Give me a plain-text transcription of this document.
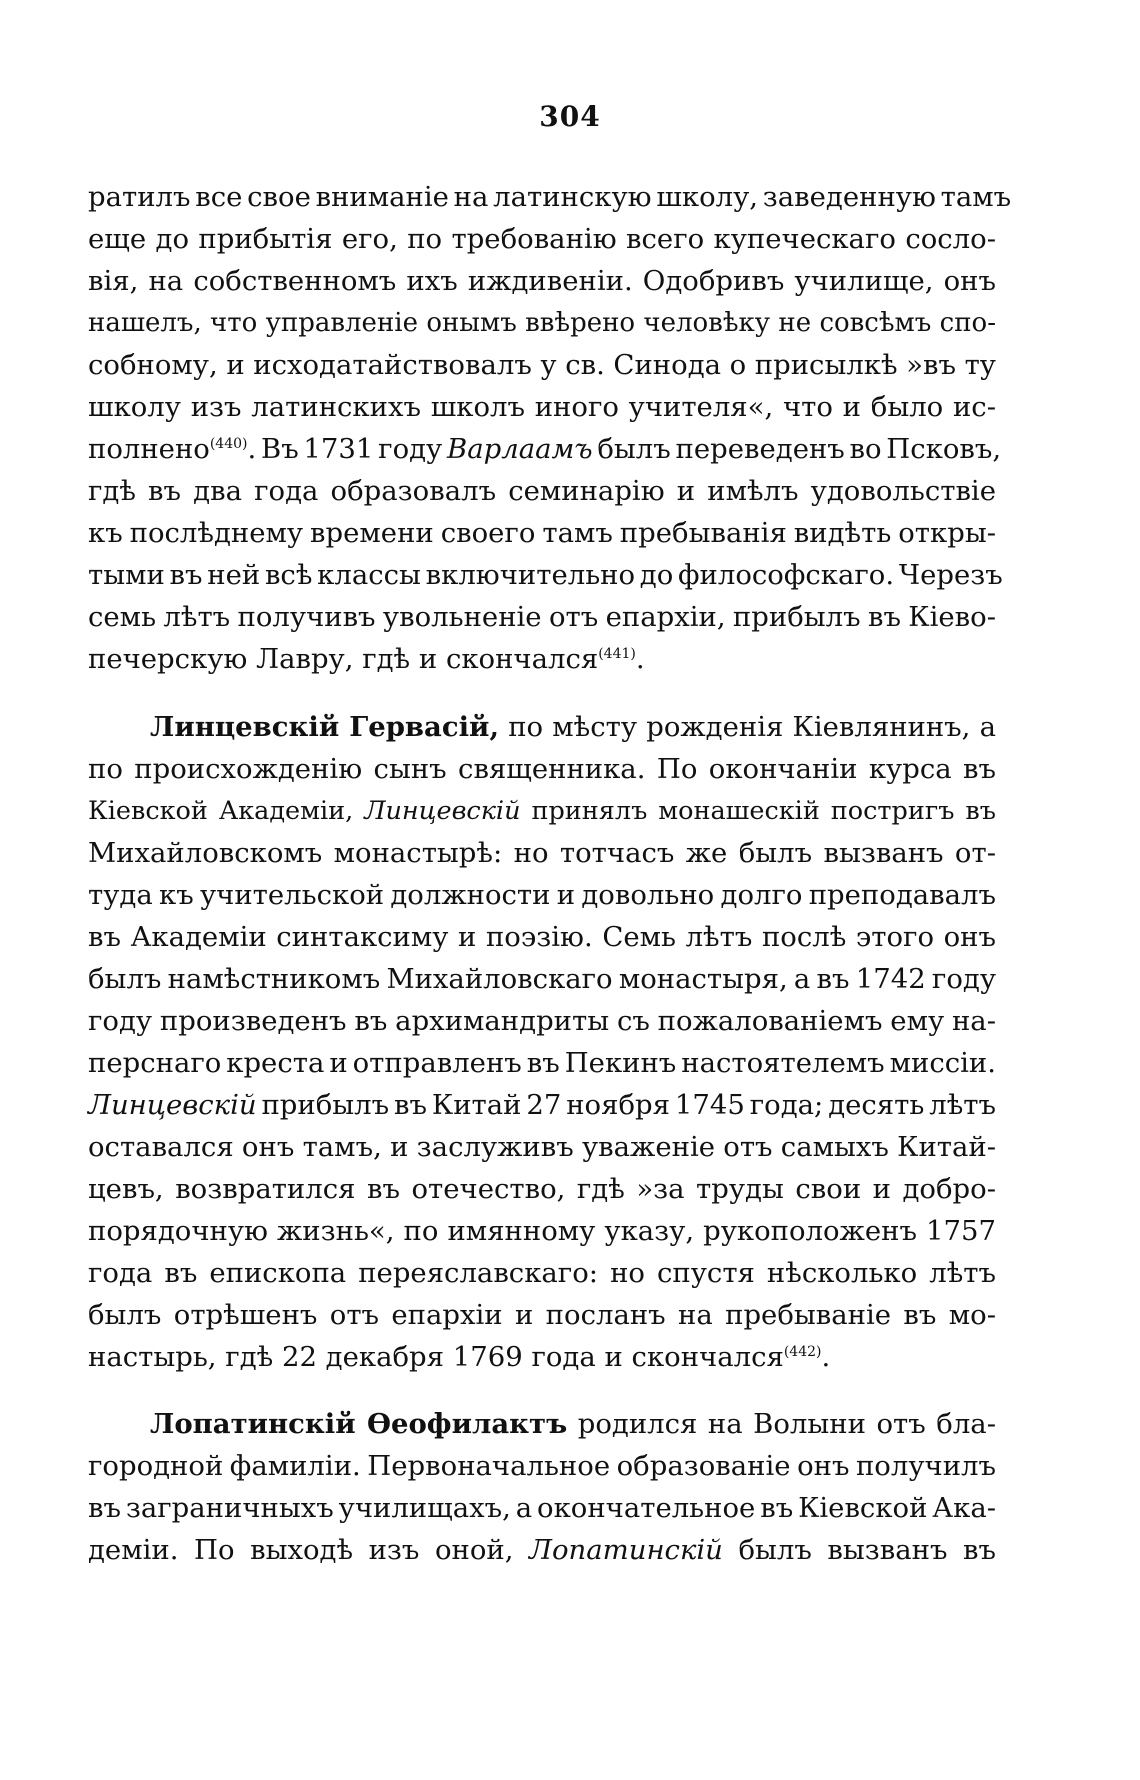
304
ратилъ все свое вниманіе на латинскую школу, заведенную тамъ
еще до прибытія его, по требованію всего купеческаго сосло-
вія, на собственномъ ихъ иждивеніи. Одобривъ училище, онъ
нашелъ, что управленіе онымъ ввѣрено человѣку не совсѣмъ спо-
собному, и исходатайствовалъ у св. Синода о присылкѣ »въ ту
школу изъ латинскихъ школъ иного учителя«, что и было ис-
полнено$^{(440)}$. Въ 1731 году Варлаамъ былъ переведенъ во Псковъ,
гдѣ въ два года образовалъ семинарію и имѣлъ удовольствіе
къ послѣднему времени своего тамъ пребыванія видѣть откры-
тыми въ ней всѣ классы включительно до философскаго. Черезъ
семь лѣтъ получивъ увольненіе отъ епархіи, прибылъ въ Кіево-
печерскую Лавру, гдѣ и скончался$^{(441)}$.
Линцевскій Гервасій, по мѣсту рожденія Кіевлянинъ, а
по происхожденію сынъ священника. По окончаніи курса въ
Кіевской Академіи, Линцевскій принялъ монашескій постригъ въ
Михайловскомъ монастырѣ: но тотчасъ же былъ вызванъ от-
туда къ учительской должности и довольно долго преподавалъ
въ Академіи синтаксиму и поэзію. Семь лѣтъ послѣ этого онъ
былъ намѣстникомъ Михайловскаго монастыря, а въ 1742 году
году произведенъ въ архимандриты съ пожалованіемъ ему на-
перснаго креста и отправленъ въ Пекинъ настоятелемъ миссіи.
Линцевскій прибылъ въ Китай 27 ноября 1745 года; десять лѣтъ
оставался онъ тамъ, и заслуживъ уваженіе отъ самыхъ Китай-
цевъ, возвратился въ отечество, гдѣ »за труды свои и добро-
порядочную жизнь«, по имянному указу, рукоположенъ 1757
года въ епископа переяславскаго: но спустя нѣсколько лѣтъ
былъ отрѣшенъ отъ епархіи и посланъ на пребываніе въ мо-
настырь, гдѣ 22 декабря 1769 года и скончался$^{(442)}$.
Лопатинскій Ѳеофилактъ родился на Волыни отъ бла-
городной фамиліи. Первоначальное образованіе онъ получилъ
въ заграничныхъ училищахъ, а окончательное въ Кіевской Ака-
деміи. По выходѣ изъ оной, Лопатинскій былъ вызванъ въ
